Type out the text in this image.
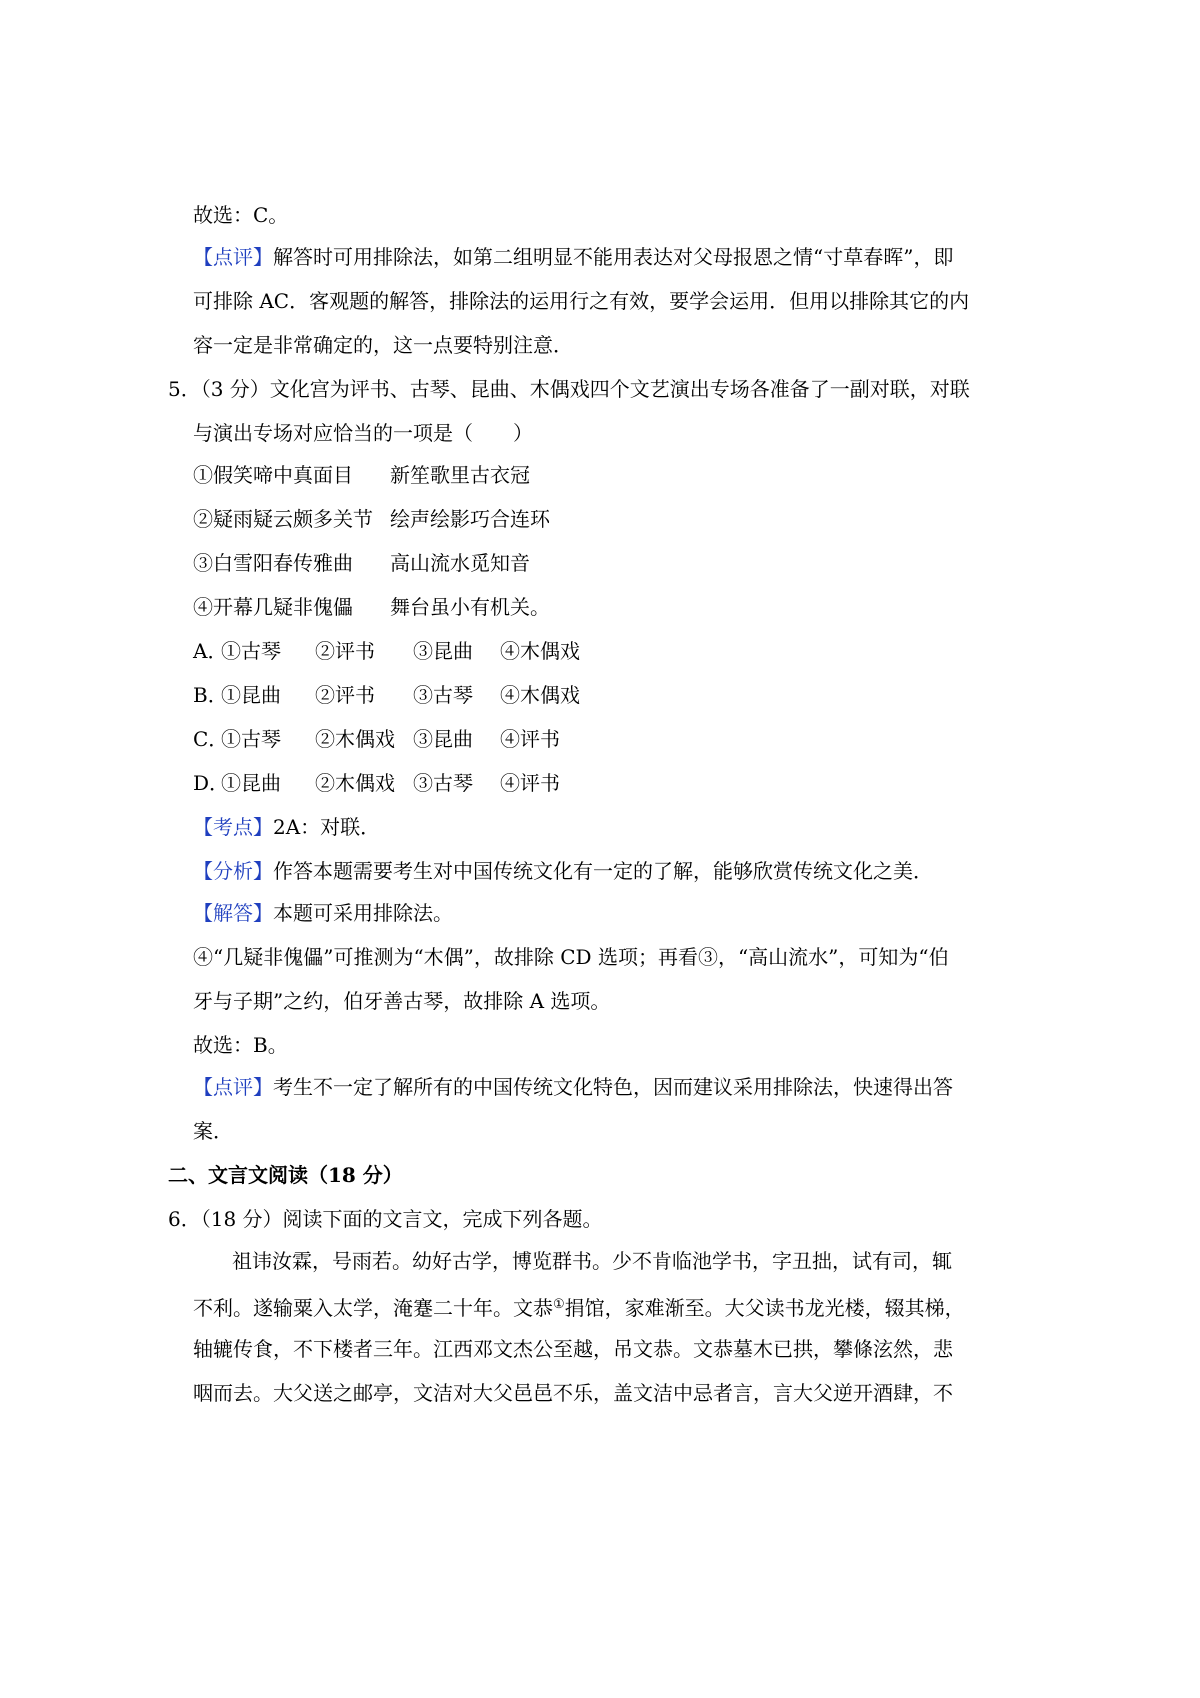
故选：C。
【点评】解答时可用排除法，如第二组明显不能用表达对父母报恩之情“寸草春晖”，即
可排除 AC．客观题的解答，排除法的运用行之有效，要学会运用．但用以排除其它的内
容一定是非常确定的，这一点要特别注意．
5．（3 分）文化宫为评书、古琴、昆曲、木偶戏四个文艺演出专场各准备了一副对联，对联
与演出专场对应恰当的一项是（　　）
①假笑啼中真面目 新笙歌里古衣冠
②疑雨疑云颇多关节 绘声绘影巧合连环
③白雪阳春传雅曲 高山流水觅知音
④开幕几疑非傀儡 舞台虽小有机关。
A．
①古琴 ②评书 ③昆曲 ④木偶戏
B．
①昆曲 ②评书 ③古琴 ④木偶戏
C．
①古琴 ②木偶戏 ③昆曲 ④评书
D．
①昆曲 ②木偶戏 ③古琴 ④评书
【考点】2A：对联．
【分析】作答本题需要考生对中国传统文化有一定的了解，能够欣赏传统文化之美．
【解答】本题可采用排除法。
④“几疑非傀儡”可推测为“木偶”，故排除 CD 选项；再看③，“高山流水”，可知为“伯
牙与子期”之约，伯牙善古琴，故排除 A 选项。
故选：B。
【点评】考生不一定了解所有的中国传统文化特色，因而建议采用排除法，快速得出答
案．
二、文言文阅读（18 分）
6．（18 分）阅读下面的文言文，完成下列各题。
祖讳汝霖，号雨若。幼好古学，博览群书。少不肯临池学书，字丑拙，试有司，辄
不利。遂输粟入太学，淹蹇二十年。文恭①捐馆，家难渐至。大父读书龙光楼，辍其梯，
轴辘传食，不下楼者三年。江西邓文杰公至越，吊文恭。文恭墓木已拱，攀條泫然，悲
咽而去。大父送之邮亭，文洁对大父邑邑不乐，盖文洁中忌者言，言大父逆开酒肆，不
